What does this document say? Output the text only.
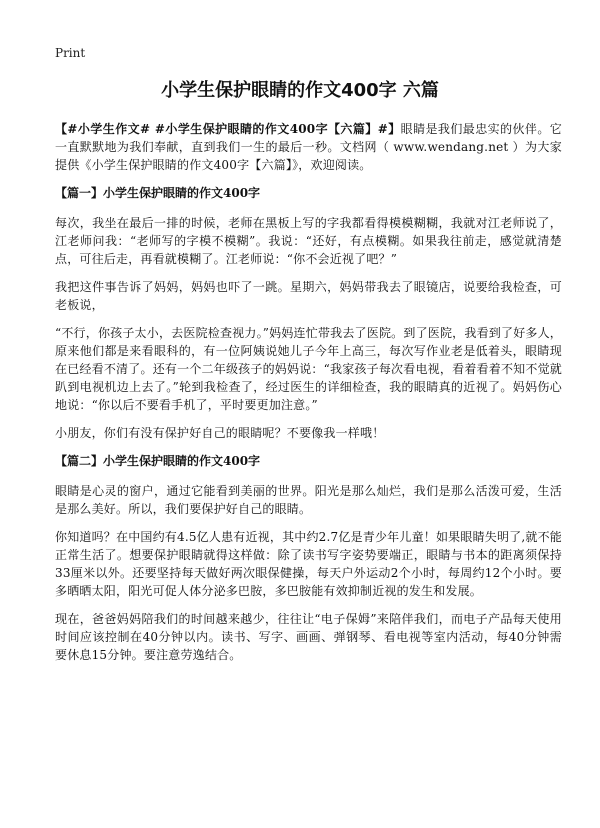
Print
小学生保护眼睛的作文400字 六篇

【#小学生作文# #小学生保护眼睛的作文400字【六篇】#】眼睛是我们最忠实的伙伴。它一直默默地为我们奉献，直到我们一生的最后一秒。文档网（ www.wendang.net ）为大家提供《小学生保护眼睛的作文400字【六篇】》，欢迎阅读。

【篇一】小学生保护眼睛的作文400字

每次，我坐在最后一排的时候，老师在黑板上写的字我都看得模模糊糊，我就对江老师说了，江老师问我：“老师写的字模不模糊”。我说：“还好，有点模糊。如果我往前走，感觉就清楚点，可往后走，再看就模糊了。江老师说：“你不会近视了吧？”

我把这件事告诉了妈妈，妈妈也吓了一跳。星期六，妈妈带我去了眼镜店，说要给我检查，可老板说，

“不行，你孩子太小，去医院检查视力。”妈妈连忙带我去了医院。到了医院，我看到了好多人，原来他们都是来看眼科的，有一位阿姨说她儿子今年上高三，每次写作业老是低着头，眼睛现在已经看不清了。还有一个二年级孩子的妈妈说：“我家孩子每次看电视，看着看着不知不觉就趴到电视机边上去了。”轮到我检查了，经过医生的详细检查，我的眼睛真的近视了。妈妈伤心地说：“你以后不要看手机了，平时要更加注意。”

小朋友，你们有没有保护好自己的眼睛呢？不要像我一样哦！

【篇二】小学生保护眼睛的作文400字

眼睛是心灵的窗户，通过它能看到美丽的世界。阳光是那么灿烂，我们是那么活泼可爱，生活是那么美好。所以，我们要保护好自己的眼睛。

你知道吗？在中国约有4.5亿人患有近视，其中约2.7亿是青少年儿童！如果眼睛失明了,就不能正常生活了。想要保护眼睛就得这样做：除了读书写字姿势要端正，眼睛与书本的距离须保持33厘米以外。还要坚持每天做好两次眼保健操，每天户外运动2个小时，每周约12个小时。要多晒晒太阳，阳光可促人体分泌多巴胺，多巴胺能有效抑制近视的发生和发展。

现在，爸爸妈妈陪我们的时间越来越少，往往让“电子保姆”来陪伴我们，而电子产品每天使用时间应该控制在40分钟以内。读书、写字、画画、弹钢琴、看电视等室内活动，每40分钟需要休息15分钟。要注意劳逸结合。
